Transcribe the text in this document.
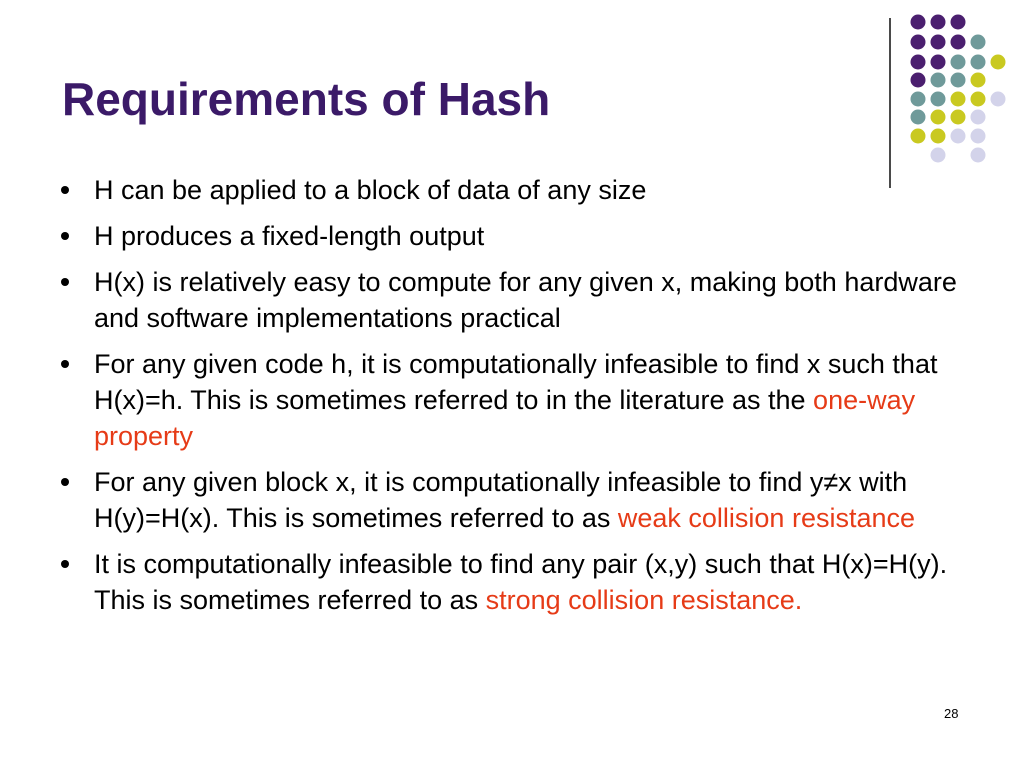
Requirements of Hash
H can be applied to a block of data of any size
H produces a fixed-length output
H(x) is relatively easy to compute for any given x, making both hardware and software implementations practical
For any given code h, it is computationally infeasible to find x such that H(x)=h. This is sometimes referred to in the literature as the one-way property
For any given block x, it is computationally infeasible to find y≠x with H(y)=H(x). This is sometimes referred to as weak collision resistance
It is computationally infeasible to find any pair (x,y) such that H(x)=H(y). This is sometimes referred to as strong collision resistance.
28
